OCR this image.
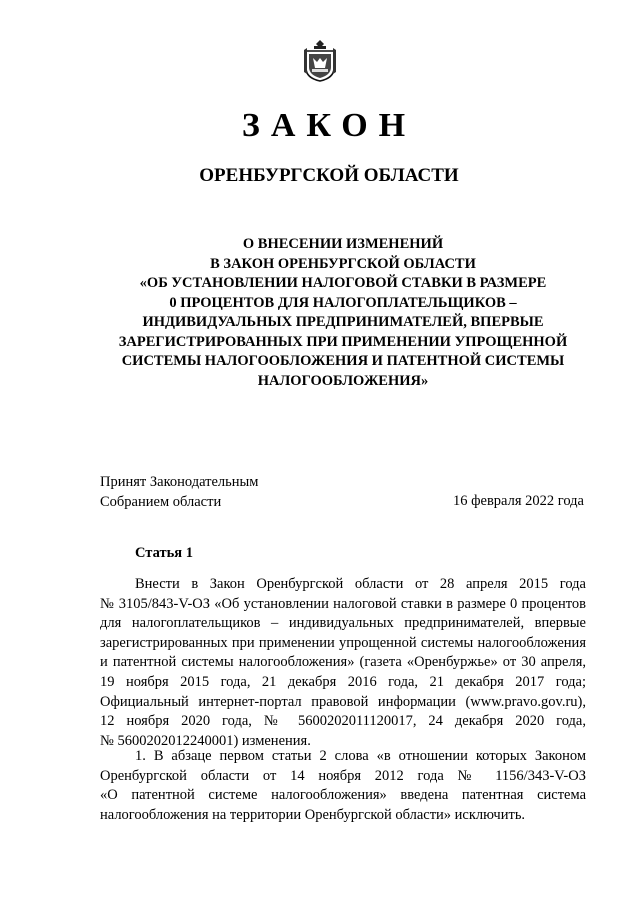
ЗАКОН
ОРЕНБУРГСКОЙ ОБЛАСТИ
О ВНЕСЕНИИ ИЗМЕНЕНИЙ
В ЗАКОН ОРЕНБУРГСКОЙ ОБЛАСТИ
«ОБ УСТАНОВЛЕНИИ НАЛОГОВОЙ СТАВКИ В РАЗМЕРЕ
0 ПРОЦЕНТОВ ДЛЯ НАЛОГОПЛАТЕЛЬЩИКОВ –
ИНДИВИДУАЛЬНЫХ ПРЕДПРИНИМАТЕЛЕЙ, ВПЕРВЫЕ
ЗАРЕГИСТРИРОВАННЫХ ПРИ ПРИМЕНЕНИИ УПРОЩЕННОЙ
СИСТЕМЫ НАЛОГООБЛОЖЕНИЯ И ПАТЕНТНОЙ СИСТЕМЫ
НАЛОГООБЛОЖЕНИЯ»
Принят Законодательным
Собранием области	16 февраля 2022 года
Статья 1
Внести в Закон Оренбургской области от 28 апреля 2015 года
№ 3105/843-V-ОЗ «Об установлении налоговой ставки в размере 0 процентов
для налогоплательщиков – индивидуальных предпринимателей, впервые
зарегистрированных при применении упрощенной системы налогообложения
и патентной системы налогообложения» (газета «Оренбуржье» от 30 апреля,
19 ноября 2015 года, 21 декабря 2016 года, 21 декабря 2017 года;
Официальный интернет-портал правовой информации (www.pravo.gov.ru),
12 ноября 2020 года, № 5600202011120017, 24 декабря 2020 года,
№ 5600202012240001) изменения.
1. В абзаце первом статьи 2 слова «в отношении которых Законом
Оренбургской области от 14 ноября 2012 года № 1156/343-V-ОЗ
«О патентной системе налогообложения» введена патентная система
налогообложения на территории Оренбургской области» исключить.
